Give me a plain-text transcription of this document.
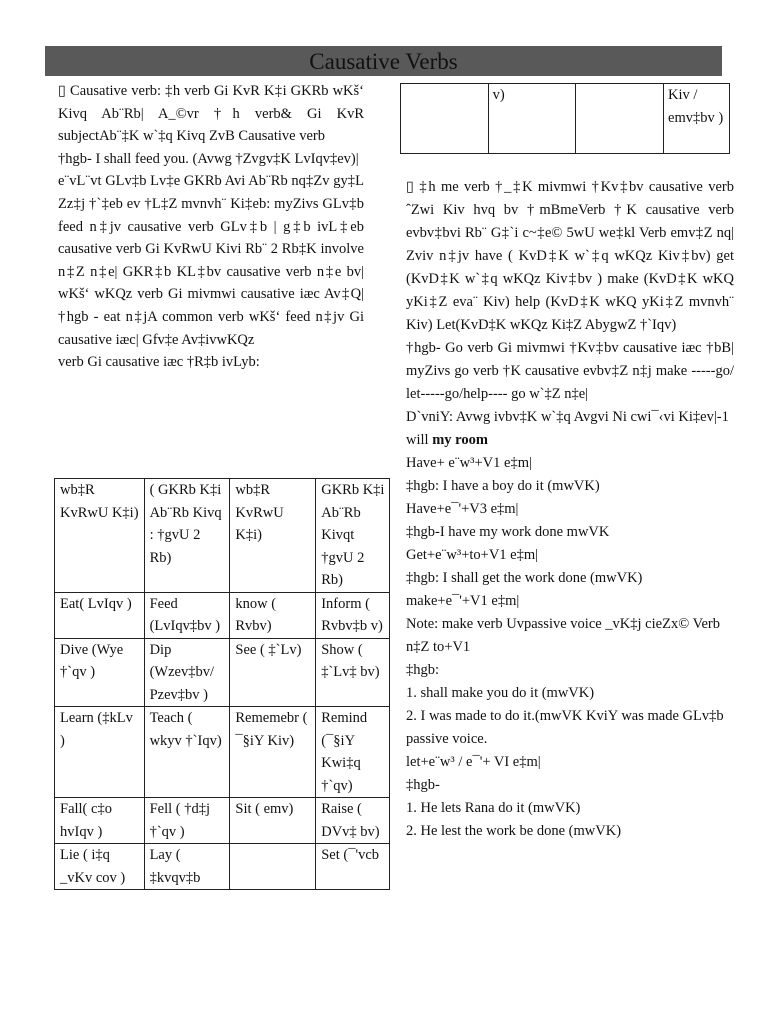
Causative Verbs

▯ Causative verb: ‡h verb Gi KvR K‡i GKRb wKš‘ Kivq Ab¨Rb| A_©vr †h verb& Gi KvR subjectAb¨‡K w`‡q Kivq ZvB Causative verb

†hgb- I shall feed you. (Avwg †Zvgv‡K LvIqv‡ev)|

e¨vL¨vt GLv‡b Lv‡e GKRb Avi Ab¨Rb nq‡Zv gy‡L Zz‡j †`‡eb ev †L‡Z mvnvh¨ Ki‡eb: myZivs GLv‡b feed n‡jv causative verb GLv‡b | g‡b ivL‡eb causative verb Gi KvRwU Kivi Rb¨ 2 Rb‡K involve n‡Z n‡e| GKR‡b KL‡bv causative verb n‡e bv| wKš‘ wKQz verb Gi mivmwi causative iæc Av‡Q| †hgb - eat n‡jA common verb wKš‘ feed n‡jv Gi causative iæc| Gfv‡e Av‡ivwKQz

verb Gi causative iæc †R‡b ivLyb:

wb‡R KvRwU K‡i)	( GKRb K‡i Ab¨Rb Kivq : †gvU 2 Rb)	wb‡R KvRwU K‡i)	GKRb K‡i Ab¨Rb Kivqt †gvU 2 Rb)
Eat( LvIqv )	Feed (LvIqv‡bv )	know ( Rvbv)	Inform ( Rvbv‡b v)
Dive (Wye †`qv )	Dip (Wzev‡bv/ Pzev‡bv )	See ( ‡`Lv)	Show ( ‡`Lv‡ bv)
Learn (‡kLv )	Teach ( wkyv †`Iqv)	Rememebr ( ¯§iY Kiv)	Remind (¯§iY Kwi‡q †`qv)
Fall( c‡o hvIqv )	Fell ( †d‡j †`qv )	Sit ( emv)	Raise ( DVv‡ bv)
Lie ( i‡q _vKv cov )	Lay ( ‡kvqv‡b		Set (¯'vcb
	v)		Kiv / emv‡bv )

▯ ‡h me verb †_‡K mivmwi †Kv‡bv causative verb ˆZwi Kiv hvq bv †mBmeVerb †K causative verb evbv‡bvi Rb¨ G‡`i c~‡e© 5wU we‡kl Verb emv‡Z nq| Zviv n‡jv have ( KvD‡K w`‡q wKQz Kiv‡bv) get (KvD‡K w`‡q wKQz Kiv‡bv ) make (KvD‡K wKQ yKi‡Z eva¨ Kiv) help (KvD‡K wKQ yKi‡Z mvnvh¨ Kiv) Let(KvD‡K wKQz Ki‡Z AbygwZ †`Iqv)

†hgb- Go verb Gi mivmwi †Kv‡bv causative iæc †bB| myZivs go verb †K causative evbv‡Z n‡j make -----go/ let-----go/help---- go w`‡Z n‡e|

D`vniY: Avwg ivbv‡K w`‡q Avgvi Ni cwi¯‹vi Ki‡ev|-1

will my room

Have+ e¨w³+V1 e‡m|

‡hgb: I have a boy do it (mwVK)

Have+e¯'+V3 e‡m|

‡hgb-I have my work done mwVK

Get+e¨w³+to+V1 e‡m|

‡hgb: I shall get the work done (mwVK)

make+e¯'+V1 e‡m|

Note: make verb Uvpassive voice _vK‡j cieZx© Verb n‡Z to+V1

‡hgb:

1. shall make you do it (mwVK)

2. I was made to do it.(mwVK KviY was made GLv‡b passive voice.

let+e¨w³ / e¯'+ VI e‡m|

‡hgb-

1. He lets Rana do it (mwVK)

2. He lest the work be done (mwVK)
